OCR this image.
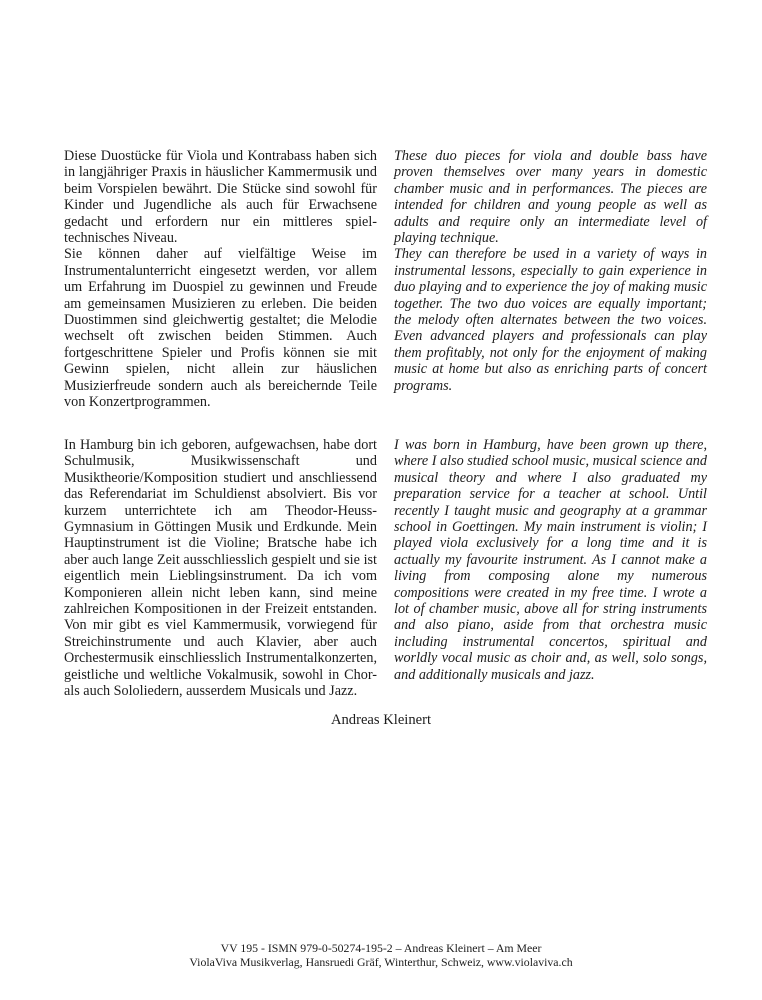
Diese Duostücke für Viola und Kontrabass haben sich in langjähriger Praxis in häuslicher Kammermusik und beim Vorspielen bewährt. Die Stücke sind sowohl für Kinder und Jugendliche als auch für Erwachsene gedacht und erfordern nur ein mittleres spiel-technisches Niveau.

Sie können daher auf vielfältige Weise im Instrumentalunterricht eingesetzt werden, vor allem um Erfahrung im Duospiel zu gewinnen und Freude am gemeinsamen Musizieren zu erleben. Die beiden Duostimmen sind gleichwertig gestaltet; die Melodie wechselt oft zwischen beiden Stimmen. Auch fortgeschrittene Spieler und Profis können sie mit Gewinn spielen, nicht allein zur häuslichen Musizierfreude sondern auch als bereichernde Teile von Konzertprogrammen.

These duo pieces for viola and double bass have proven themselves over many years in domestic chamber music and in performances. The pieces are intended for children and young people as well as adults and require only an intermediate level of playing technique.

They can therefore be used in a variety of ways in instrumental lessons, especially to gain experience in duo playing and to experience the joy of making music together. The two duo voices are equally important; the melody often alternates between the two voices. Even advanced players and professionals can play them profitably, not only for the enjoyment of making music at home but also as enriching parts of concert programs.

In Hamburg bin ich geboren, aufgewachsen, habe dort Schulmusik, Musikwissenschaft und Musiktheorie/Komposition studiert und anschliessend das Referendariat im Schuldienst absolviert. Bis vor kurzem unterrichtete ich am Theodor-Heuss-Gymnasium in Göttingen Musik und Erdkunde. Mein Hauptinstrument ist die Violine; Bratsche habe ich aber auch lange Zeit ausschliesslich gespielt und sie ist eigentlich mein Lieblingsinstrument. Da ich vom Komponieren allein nicht leben kann, sind meine zahlreichen Kompositionen in der Freizeit entstanden. Von mir gibt es viel Kammermusik, vorwiegend für Streichinstrumente und auch Klavier, aber auch Orchestermusik einschliesslich Instrumentalkonzerten, geistliche und weltliche Vokalmusik, sowohl in Chor- als auch Sololiedern, ausserdem Musicals und Jazz.

I was born in Hamburg, have been grown up there, where I also studied school music, musical science and musical theory and where I also graduated my preparation service for a teacher at school. Until recently I taught music and geography at a grammar school in Goettingen. My main instrument is violin; I played viola exclusively for a long time and it is actually my favourite instrument. As I cannot make a living from composing alone my numerous compositions were created in my free time. I wrote a lot of chamber music, above all for string instruments and also piano, aside from that orchestra music including instrumental concertos, spiritual and worldly vocal music as choir and, as well, solo songs, and additionally musicals and jazz.

Andreas Kleinert
VV 195 - ISMN 979-0-50274-195-2 – Andreas Kleinert – Am Meer
ViolaViva Musikverlag, Hansruedi Gräf, Winterthur, Schweiz, www.violaviva.ch
